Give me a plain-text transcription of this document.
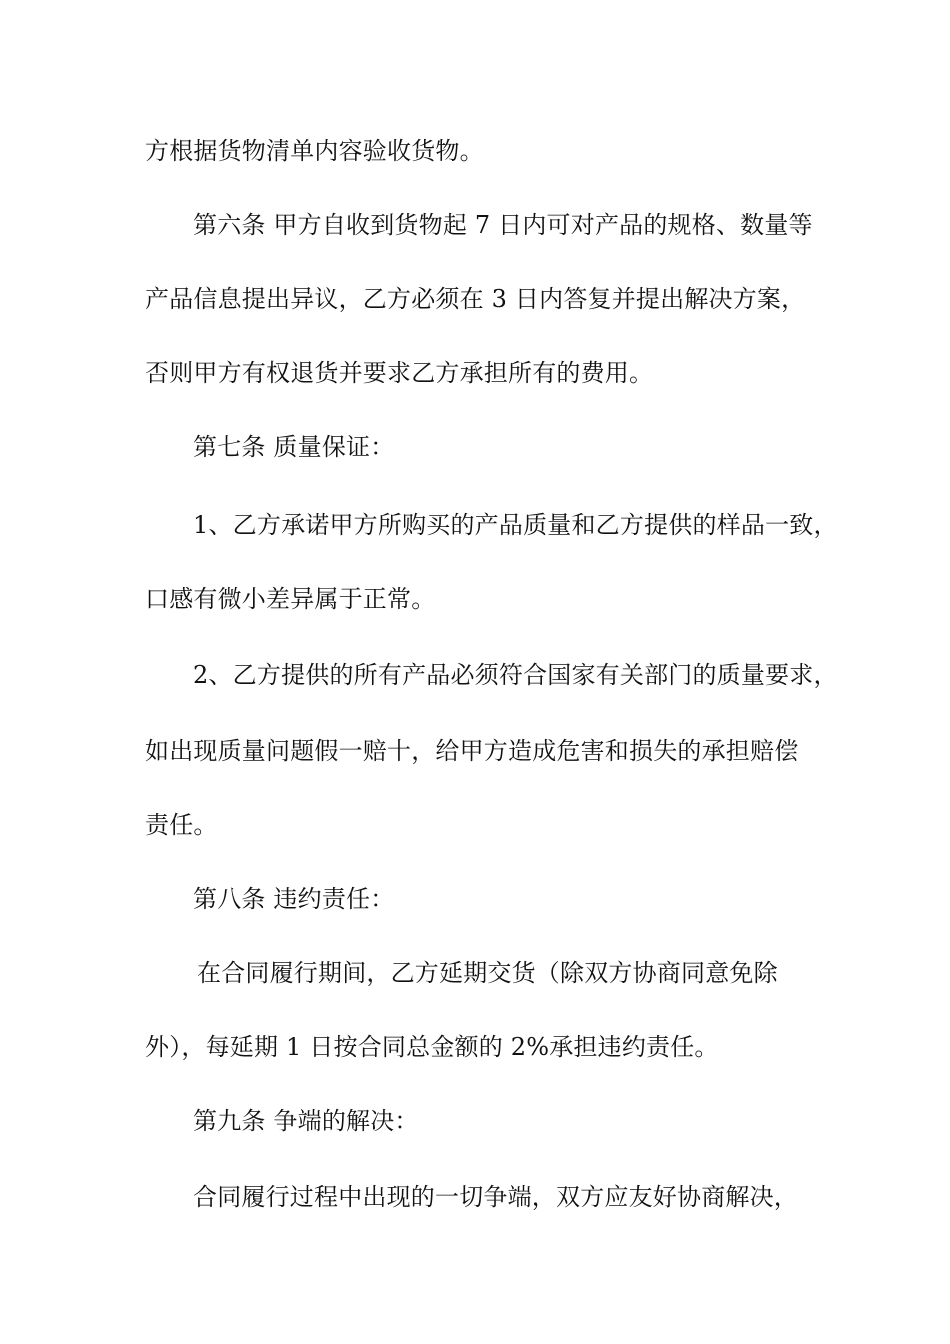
方根据货物清单内容验收货物。
第六条 甲方自收到货物起 7 日内可对产品的规格、数量等
产品信息提出异议，乙方必须在 3 日内答复并提出解决方案，
否则甲方有权退货并要求乙方承担所有的费用。
第七条 质量保证：
1、乙方承诺甲方所购买的产品质量和乙方提供的样品一致，
口感有微小差异属于正常。
2、乙方提供的所有产品必须符合国家有关部门的质量要求，
如出现质量问题假一赔十，给甲方造成危害和损失的承担赔偿
责任。
第八条 违约责任：
在合同履行期间，乙方延期交货（除双方协商同意免除
外），每延期 1 日按合同总金额的 2%承担违约责任。
第九条 争端的解决：
合同履行过程中出现的一切争端，双方应友好协商解决，
